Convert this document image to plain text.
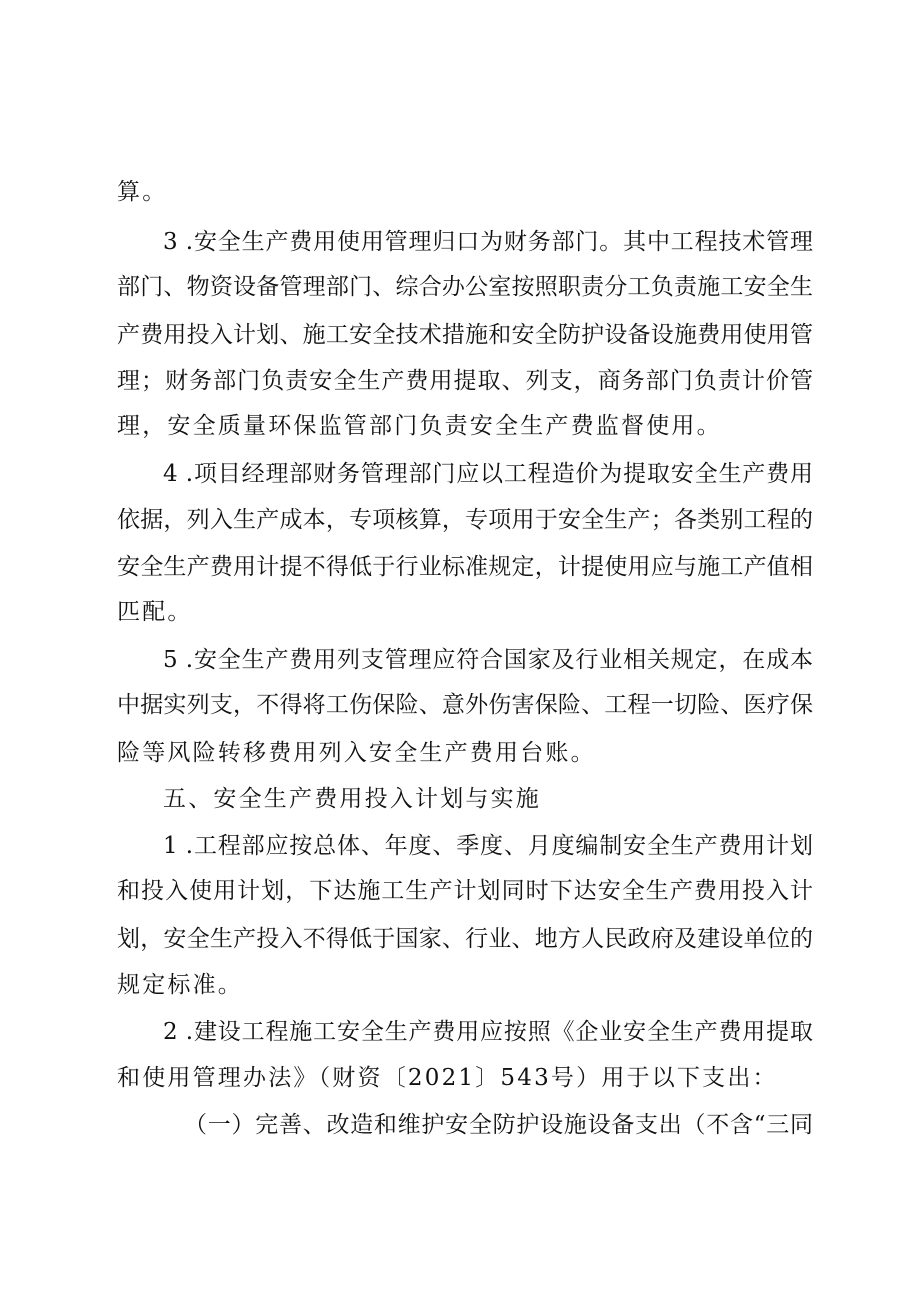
算。
3 .安全生产费用使用管理归口为财务部门。其中工程技术管理
部门、物资设备管理部门、综合办公室按照职责分工负责施工安全生
产费用投入计划、施工安全技术措施和安全防护设备设施费用使用管
理；财务部门负责安全生产费用提取、列支，商务部门负责计价管
理，安全质量环保监管部门负责安全生产费监督使用。
4 .项目经理部财务管理部门应以工程造价为提取安全生产费用
依据，列入生产成本，专项核算，专项用于安全生产；各类别工程的
安全生产费用计提不得低于行业标准规定，计提使用应与施工产值相
匹配。
5 .安全生产费用列支管理应符合国家及行业相关规定，在成本
中据实列支，不得将工伤保险、意外伤害保险、工程一切险、医疗保
险等风险转移费用列入安全生产费用台账。
五、安全生产费用投入计划与实施
1 .工程部应按总体、年度、季度、月度编制安全生产费用计划
和投入使用计划，下达施工生产计划同时下达安全生产费用投入计
划，安全生产投入不得低于国家、行业、地方人民政府及建设单位的
规定标准。
2 .建设工程施工安全生产费用应按照《企业安全生产费用提取
和使用管理办法》（财资〔2021〕543号）用于以下支出：
（一）完善、改造和维护安全防护设施设备支出（不含“三同
